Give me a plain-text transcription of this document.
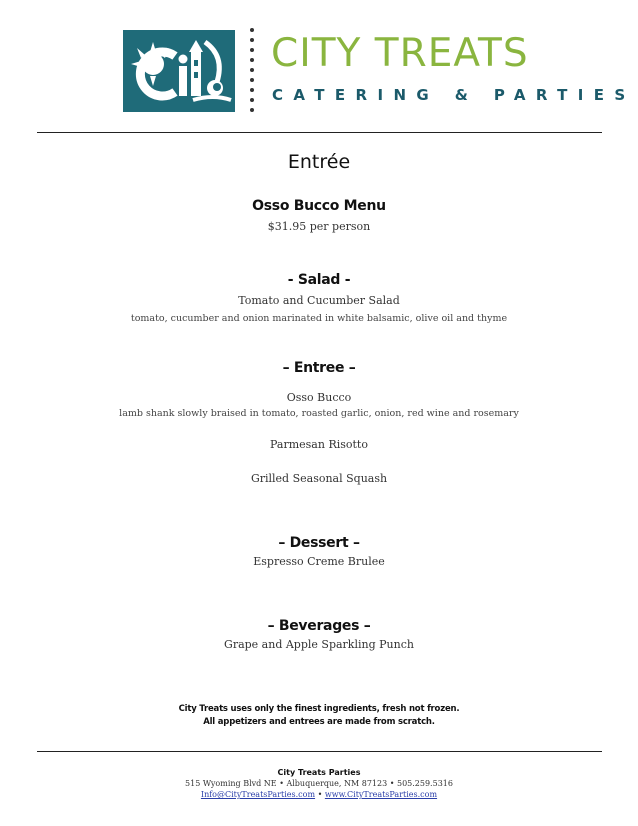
CITY TREATS
CATERING & PARTIES
Entrée
Osso Bucco Menu
$31.95 per person
- Salad -
Tomato and Cucumber Salad
tomato, cucumber and onion marinated in white balsamic, olive oil and thyme
– Entree –
Osso Bucco
lamb shank slowly braised in tomato, roasted garlic, onion, red wine and rosemary
Parmesan Risotto
Grilled Seasonal Squash
– Dessert –
Espresso Creme Brulee
– Beverages –
Grape and Apple Sparkling Punch
City Treats uses only the finest ingredients, fresh not frozen.
All appetizers and entrees are made from scratch.
City Treats Parties
515 Wyoming Blvd NE • Albuquerque, NM 87123 • 505.259.5316
Info@CityTreatsParties.com • www.CityTreatsParties.com
